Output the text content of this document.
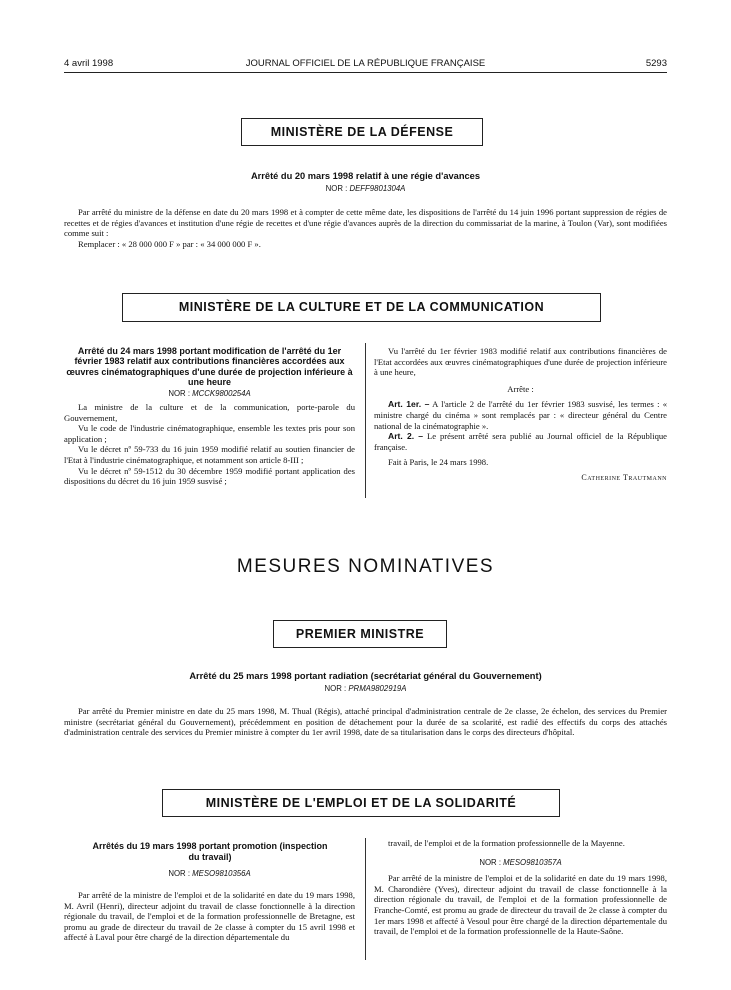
4 avril 1998	JOURNAL OFFICIEL DE LA RÉPUBLIQUE FRANÇAISE	5293
MINISTÈRE DE LA DÉFENSE
Arrêté du 20 mars 1998 relatif à une régie d'avances
NOR : DEFF9801304A

Par arrêté du ministre de la défense en date du 20 mars 1998 et à compter de cette même date, les dispositions de l'arrêté du 14 juin 1996 portant suppression de régies de recettes et de régies d'avances et institution d'une régie de recettes et d'une régie d'avances auprès de la direction du commissariat de la marine, à Toulon (Var), sont modifiées comme suit :

Remplacer : « 28 000 000 F » par : « 34 000 000 F ».

MINISTÈRE DE LA CULTURE ET DE LA COMMUNICATION
Arrêté du 24 mars 1998 portant modification de l'arrêté du 1er février 1983 relatif aux contributions financières accordées aux œuvres cinématographiques d'une durée de projection inférieure à une heure
NOR : MCCK9800254A

La ministre de la culture et de la communication, porte-parole du Gouvernement,

Vu le code de l'industrie cinématographique, ensemble les textes pris pour son application ;

Vu le décret nº 59-733 du 16 juin 1959 modifié relatif au soutien financier de l'Etat à l'industrie cinématographique, et notamment son article 8-III ;

Vu le décret nº 59-1512 du 30 décembre 1959 modifié portant application des dispositions du décret du 16 juin 1959 susvisé ;

Vu l'arrêté du 1er février 1983 modifié relatif aux contributions financières de l'Etat accordées aux œuvres cinématographiques d'une durée de projection inférieure à une heure,

Arrête :

Art. 1er. – A l'article 2 de l'arrêté du 1er février 1983 susvisé, les termes : « ministre chargé du cinéma » sont remplacés par : « directeur général du Centre national de la cinématographie ».

Art. 2. – Le présent arrêté sera publié au Journal officiel de la République française.

Fait à Paris, le 24 mars 1998.

Catherine Trautmann
MESURES NOMINATIVES
PREMIER MINISTRE
Arrêté du 25 mars 1998 portant radiation (secrétariat général du Gouvernement)
NOR : PRMA9802919A

Par arrêté du Premier ministre en date du 25 mars 1998, M. Thual (Régis), attaché principal d'administration centrale de 2e classe, 2e échelon, des services du Premier ministre (secrétariat général du Gouvernement), précédemment en position de détachement pour la durée de sa scolarité, est radié des effectifs du corps des attachés d'administration centrale des services du Premier ministre à compter du 1er avril 1998, date de sa titularisation dans le corps des directeurs d'hôpital.

MINISTÈRE DE L'EMPLOI ET DE LA SOLIDARITÉ
Arrêtés du 19 mars 1998 portant promotion (inspection du travail)
NOR : MESO9810356A

Par arrêté de la ministre de l'emploi et de la solidarité en date du 19 mars 1998, M. Avril (Henri), directeur adjoint du travail de classe fonctionnelle à la direction régionale du travail, de l'emploi et de la formation professionnelle de Bretagne, est promu au grade de directeur du travail de 2e classe à compter du 15 avril 1998 et affecté à Laval pour être chargé de la direction départementale du

travail, de l'emploi et de la formation professionnelle de la Mayenne.

NOR : MESO9810357A

Par arrêté de la ministre de l'emploi et de la solidarité en date du 19 mars 1998, M. Charondière (Yves), directeur adjoint du travail de classe fonctionnelle à la direction régionale du travail, de l'emploi et de la formation professionnelle de Franche-Comté, est promu au grade de directeur du travail de 2e classe à compter du 1er mars 1998 et affecté à Vesoul pour être chargé de la direction départementale du travail, de l'emploi et de la formation professionnelle de la Haute-Saône.
